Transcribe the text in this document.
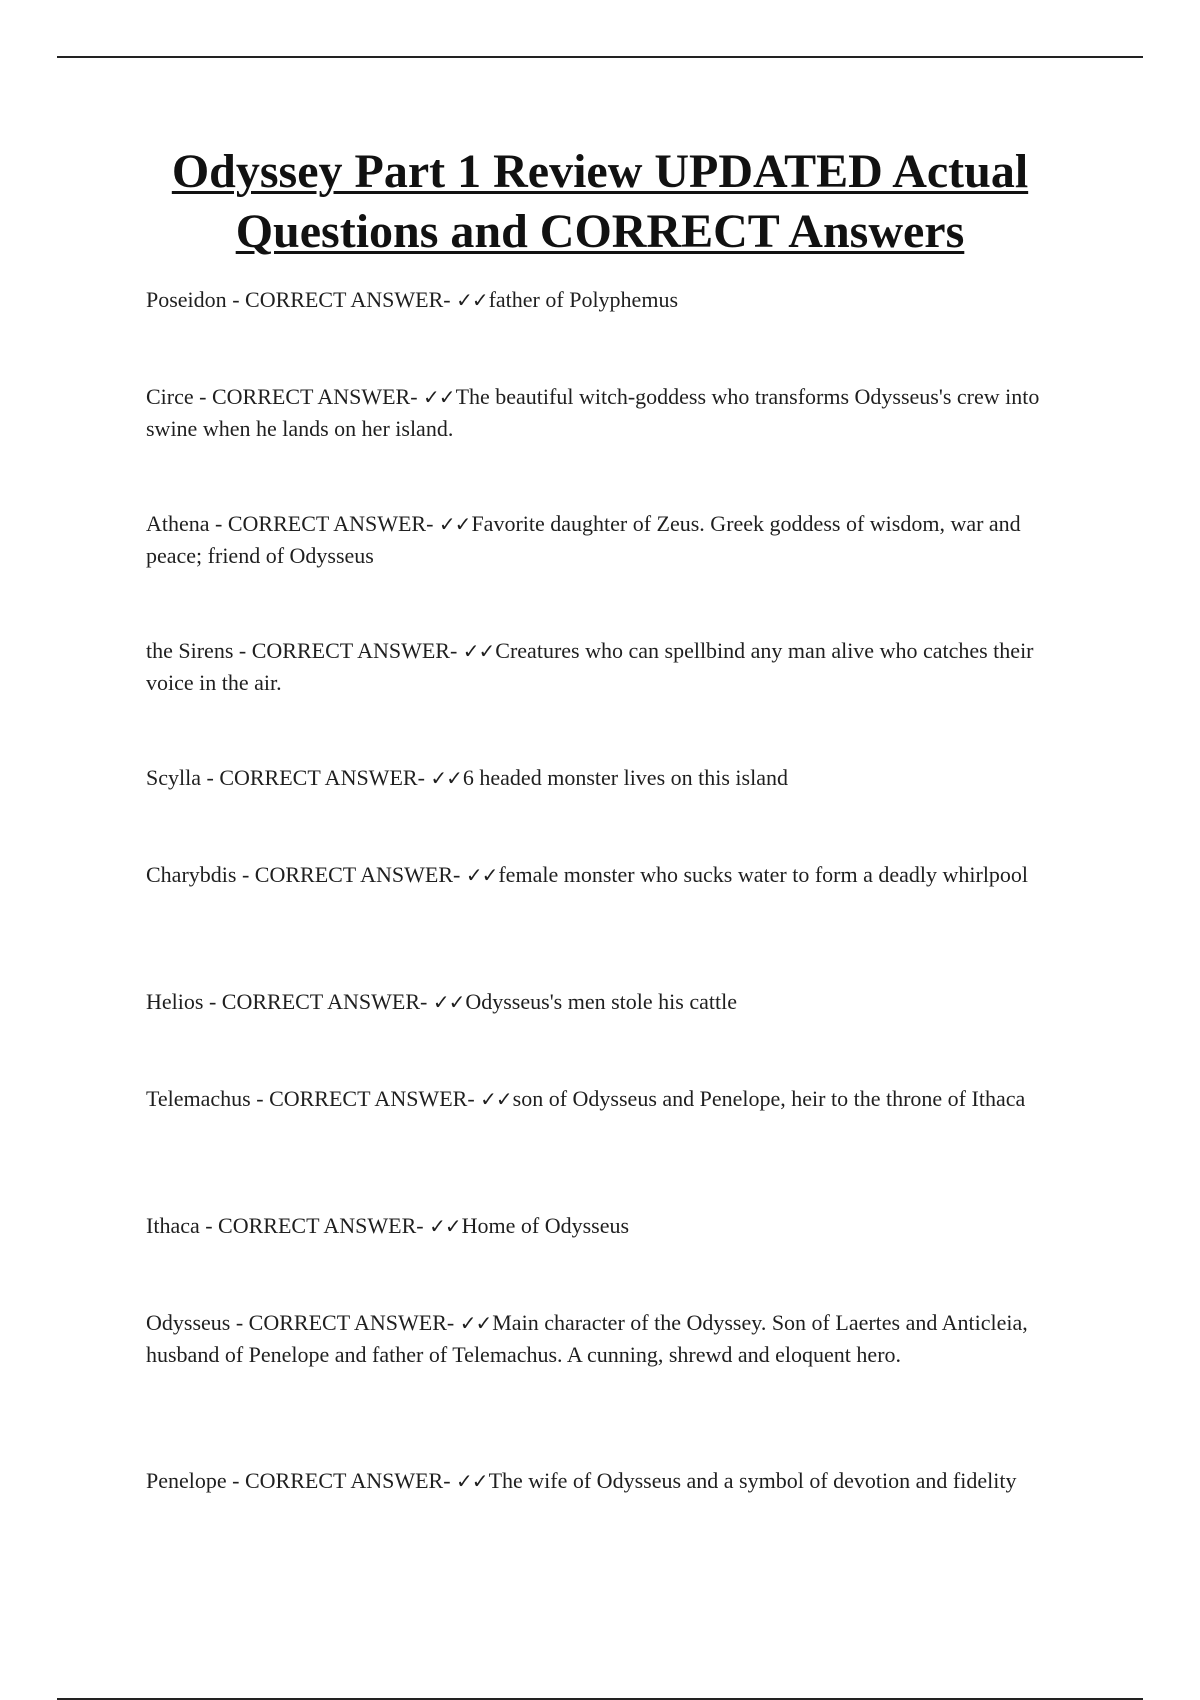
Odyssey Part 1 Review UPDATED Actual Questions and CORRECT Answers

Poseidon - CORRECT ANSWER- ✓✓father of Polyphemus

Circe - CORRECT ANSWER- ✓✓The beautiful witch-goddess who transforms Odysseus's crew into swine when he lands on her island.

Athena - CORRECT ANSWER- ✓✓Favorite daughter of Zeus. Greek goddess of wisdom, war and peace; friend of Odysseus

the Sirens - CORRECT ANSWER- ✓✓Creatures who can spellbind any man alive who catches their voice in the air.

Scylla - CORRECT ANSWER- ✓✓6 headed monster lives on this island

Charybdis - CORRECT ANSWER- ✓✓female monster who sucks water to form a deadly whirlpool

Helios - CORRECT ANSWER- ✓✓Odysseus's men stole his cattle

Telemachus - CORRECT ANSWER- ✓✓son of Odysseus and Penelope, heir to the throne of Ithaca

Ithaca - CORRECT ANSWER- ✓✓Home of Odysseus

Odysseus - CORRECT ANSWER- ✓✓Main character of the Odyssey. Son of Laertes and Anticleia, husband of Penelope and father of Telemachus. A cunning, shrewd and eloquent hero.

Penelope - CORRECT ANSWER- ✓✓The wife of Odysseus and a symbol of devotion and fidelity
